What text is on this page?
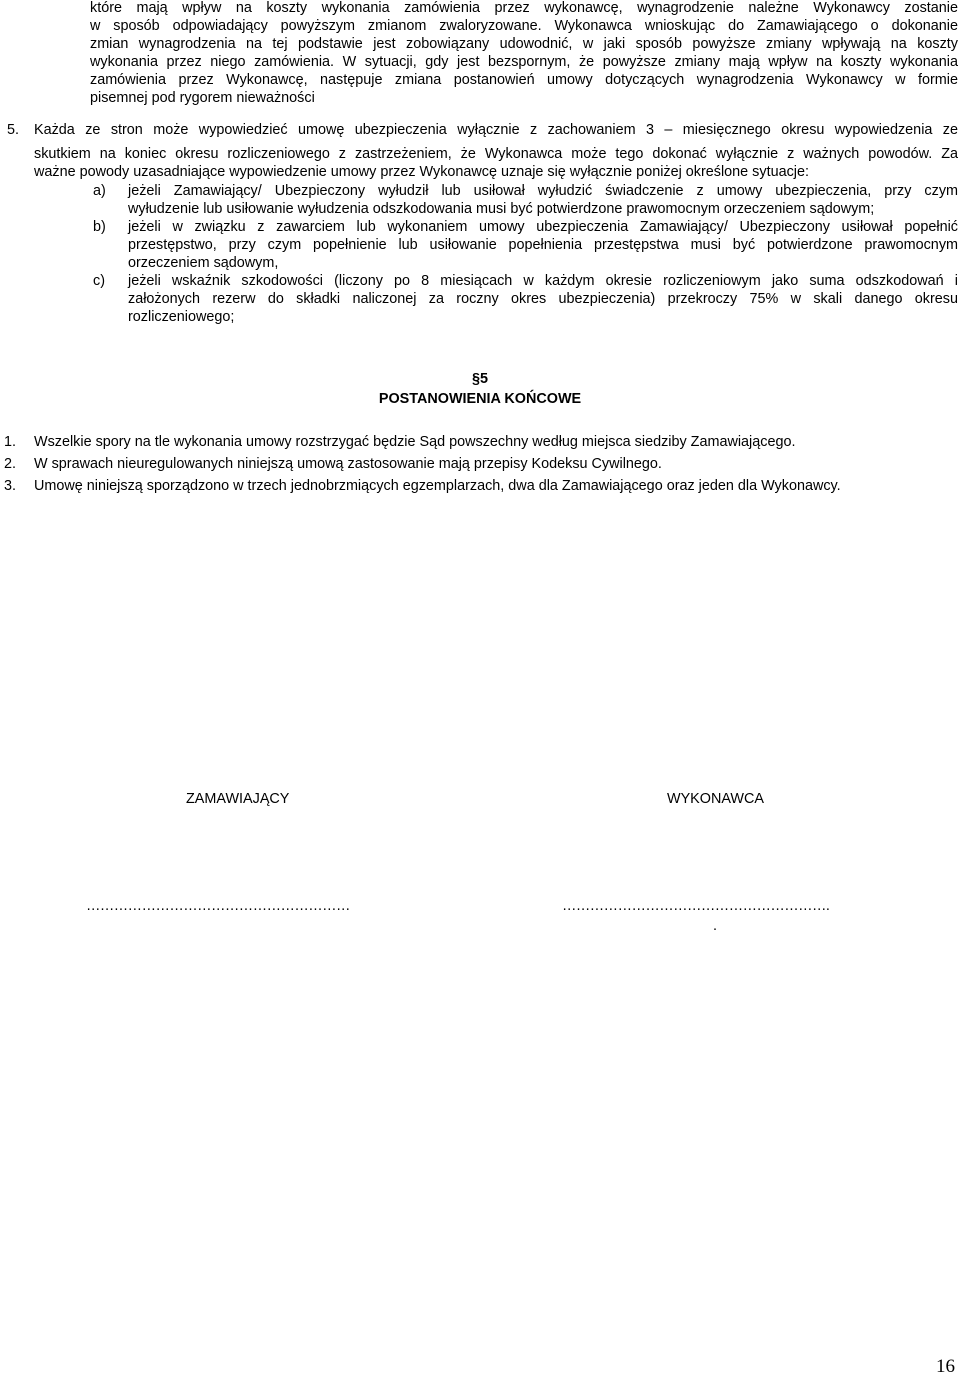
które mają wpływ na koszty wykonania zamówienia przez wykonawcę, wynagrodzenie należne Wykonawcy zostanie
w sposób odpowiadający powyższym zmianom zwaloryzowane. Wykonawca wnioskując do Zamawiającego o dokonanie
zmian wynagrodzenia na tej podstawie jest zobowiązany udowodnić, w jaki sposób powyższe zmiany wpływają na koszty
wykonania przez niego zamówienia. W sytuacji, gdy jest bezspornym, że powyższe zmiany mają wpływ na koszty wykonania
zamówienia przez Wykonawcę, następuje zmiana postanowień umowy dotyczących wynagrodzenia Wykonawcy w formie
pisemnej pod rygorem nieważności
5. Każda ze stron może wypowiedzieć umowę ubezpieczenia wyłącznie z zachowaniem 3 – miesięcznego okresu wypowiedzenia ze
skutkiem na koniec okresu rozliczeniowego z zastrzeżeniem, że Wykonawca może tego dokonać wyłącznie z ważnych powodów. Za
ważne powody uzasadniające wypowiedzenie umowy przez Wykonawcę uznaje się wyłącznie poniżej określone sytuacje:
a) jeżeli Zamawiający/ Ubezpieczony wyłudził lub usiłował wyłudzić świadczenie z umowy ubezpieczenia, przy czym
wyłudzenie lub usiłowanie wyłudzenia odszkodowania musi być potwierdzone prawomocnym orzeczeniem sądowym;
b) jeżeli w związku z zawarciem lub wykonaniem umowy ubezpieczenia Zamawiający/ Ubezpieczony usiłował popełnić
przestępstwo, przy czym popełnienie lub usiłowanie popełnienia przestępstwa musi być potwierdzone prawomocnym
orzeczeniem sądowym,
c) jeżeli wskaźnik szkodowości (liczony po 8 miesiącach w każdym okresie rozliczeniowym jako suma odszkodowań i
założonych rezerw do składki naliczonej za roczny okres ubezpieczenia) przekroczy 75% w skali danego okresu
rozliczeniowego;
§5
POSTANOWIENIA KOŃCOWE
1. Wszelkie spory na tle wykonania umowy rozstrzygać będzie Sąd powszechny według miejsca siedziby Zamawiającego.
2. W sprawach nieuregulowanych niniejszą umową zastosowanie mają przepisy Kodeksu Cywilnego.
3. Umowę niniejszą sporządzono w trzech jednobrzmiących egzemplarzach, dwa dla Zamawiającego oraz jeden dla Wykonawcy.
ZAMAWIAJĄCY	WYKONAWCA
…………………………………………………	………………………………………………….
.
16
